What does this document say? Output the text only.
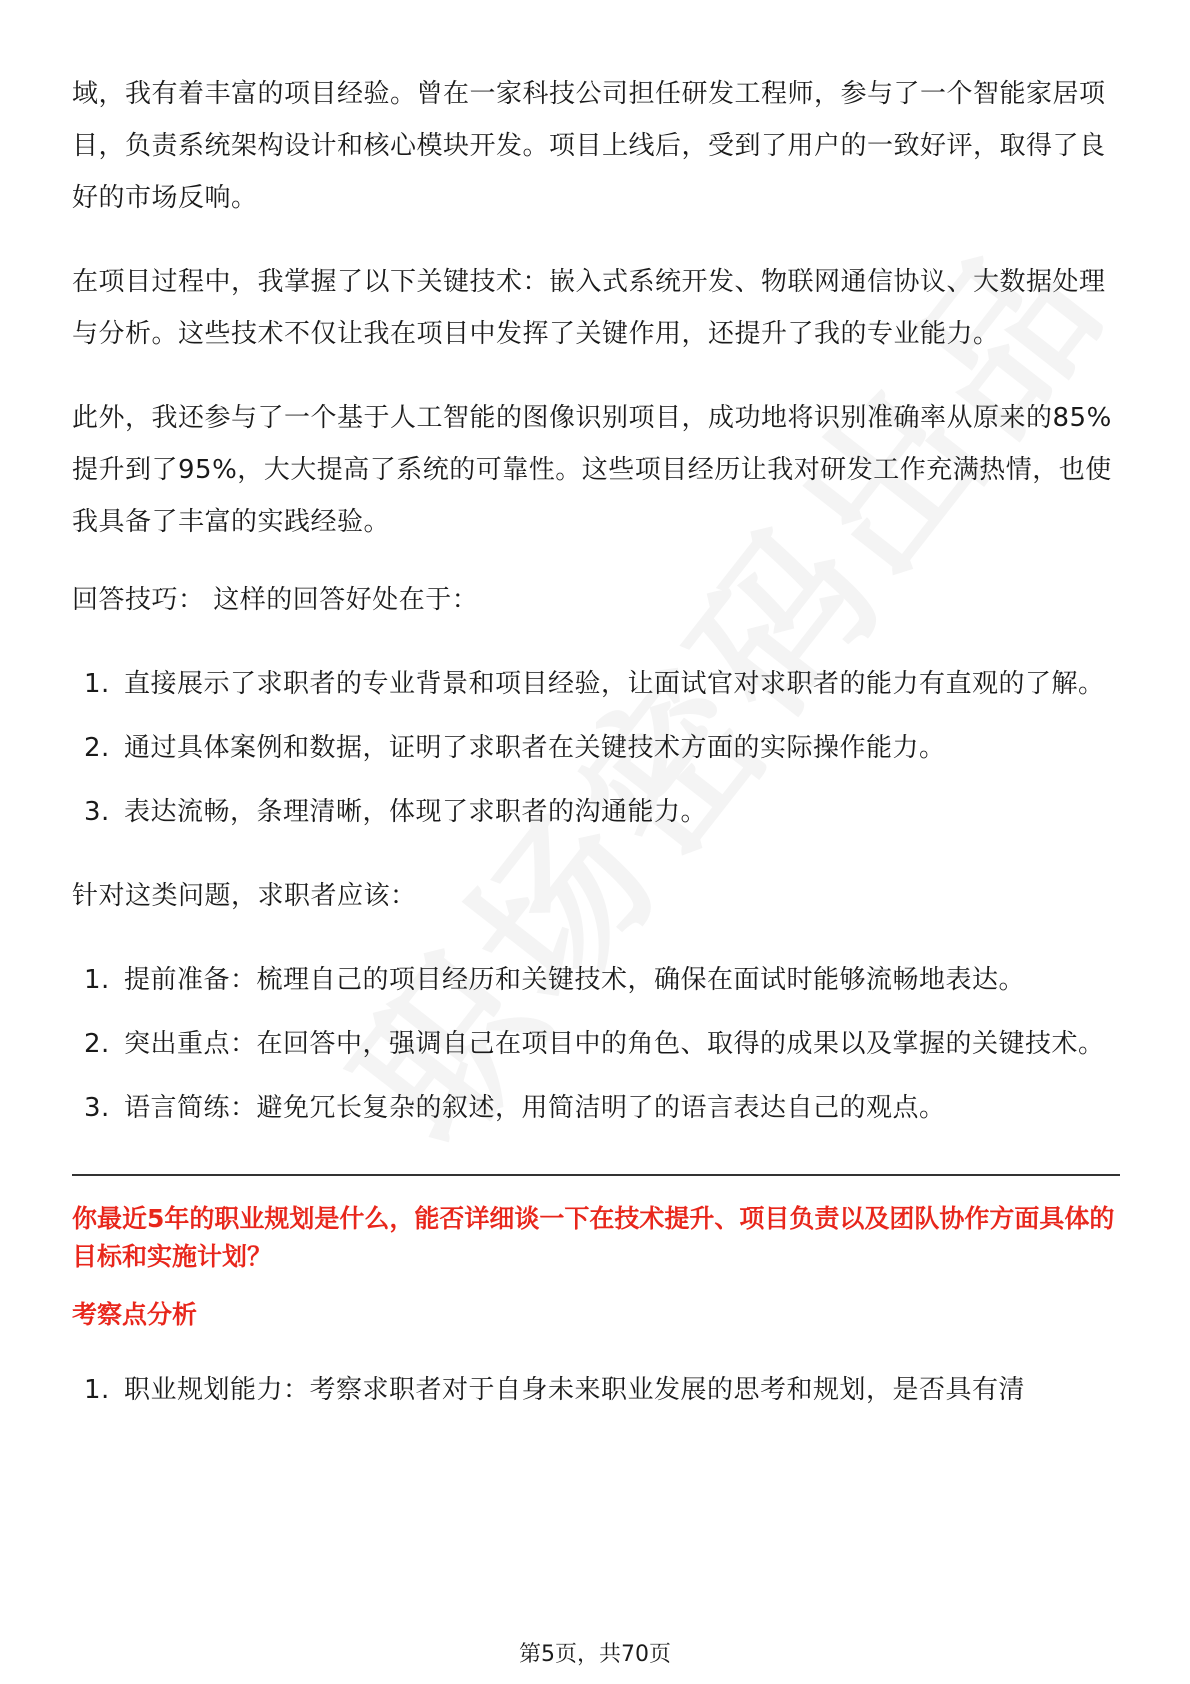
域，我有着丰富的项目经验。曾在一家科技公司担任研发工程师，参与了一个智能家居项目，负责系统架构设计和核心模块开发。项目上线后，受到了用户的一致好评，取得了良好的市场反响。

在项目过程中，我掌握了以下关键技术：嵌入式系统开发、物联网通信协议、大数据处理与分析。这些技术不仅让我在项目中发挥了关键作用，还提升了我的专业能力。

此外，我还参与了一个基于人工智能的图像识别项目，成功地将识别准确率从原来的85%提升到了95%，大大提高了系统的可靠性。这些项目经历让我对研发工作充满热情，也使我具备了丰富的实践经验。

回答技巧： 这样的回答好处在于：

1. 直接展示了求职者的专业背景和项目经验，让面试官对求职者的能力有直观的了解。
2. 通过具体案例和数据，证明了求职者在关键技术方面的实际操作能力。
3. 表达流畅，条理清晰，体现了求职者的沟通能力。

针对这类问题，求职者应该：

1. 提前准备：梳理自己的项目经历和关键技术，确保在面试时能够流畅地表达。
2. 突出重点：在回答中，强调自己在项目中的角色、取得的成果以及掌握的关键技术。
3. 语言简练：避免冗长复杂的叙述，用简洁明了的语言表达自己的观点。
你最近5年的职业规划是什么，能否详细谈一下在技术提升、项目负责以及团队协作方面具体的目标和实施计划？
考察点分析
1. 职业规划能力：考察求职者对于自身未来职业发展的思考和规划，是否具有清
第5页，共70页
